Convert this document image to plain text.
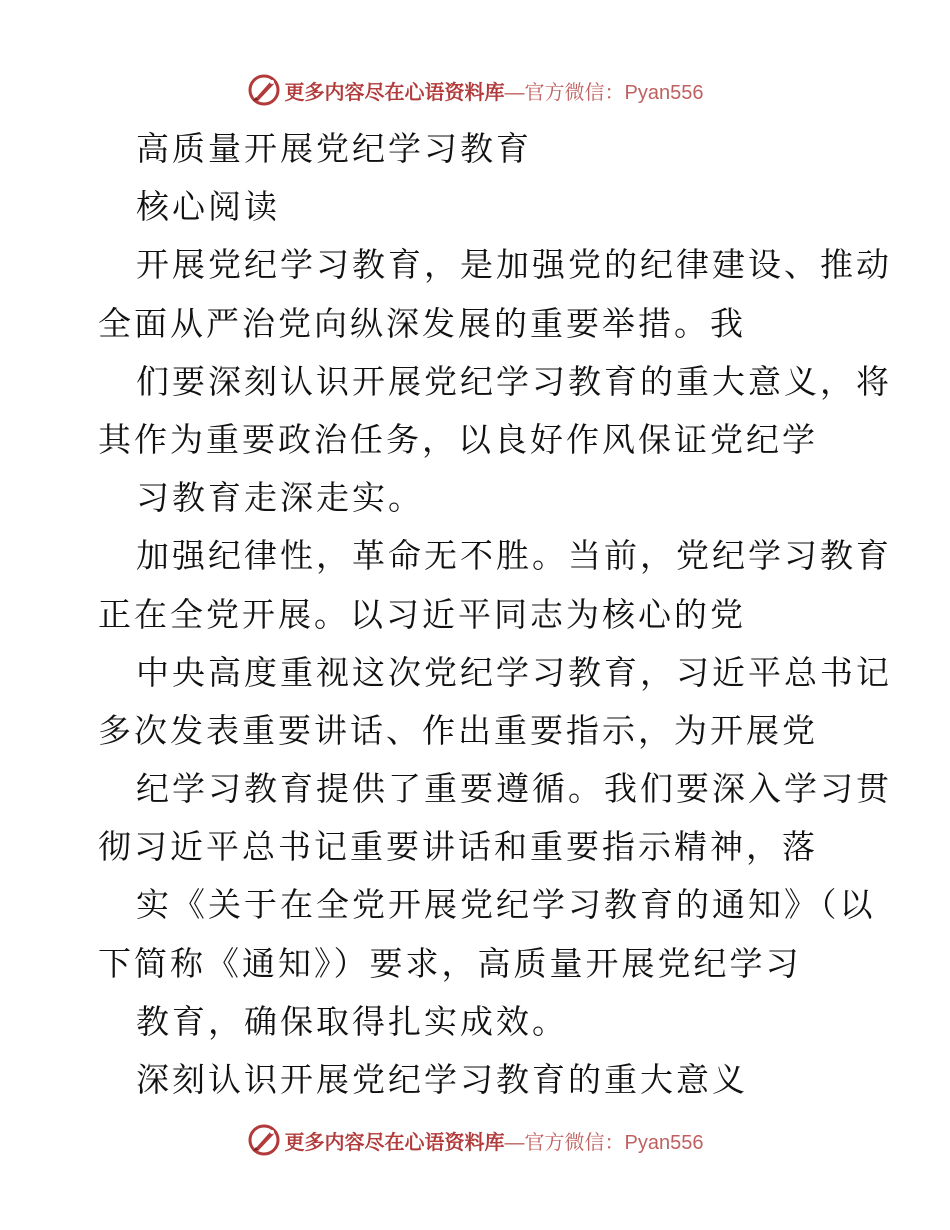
更多内容尽在心语资料库 —官方微信：Pyan556
高质量开展党纪学习教育
核心阅读
开展党纪学习教育，是加强党的纪律建设、推动
全面从严治党向纵深发展的重要举措。我
们要深刻认识开展党纪学习教育的重大意义，将
其作为重要政治任务，以良好作风保证党纪学
习教育走深走实。
加强纪律性，革命无不胜。当前，党纪学习教育
正在全党开展。以习近平同志为核心的党
中央高度重视这次党纪学习教育，习近平总书记
多次发表重要讲话、作出重要指示，为开展党
纪学习教育提供了重要遵循。我们要深入学习贯
彻习近平总书记重要讲话和重要指示精神，落
实《关于在全党开展党纪学习教育的通知》（以
下简称《通知》）要求，高质量开展党纪学习
教育，确保取得扎实成效。
深刻认识开展党纪学习教育的重大意义
更多内容尽在心语资料库 —官方微信：Pyan556
